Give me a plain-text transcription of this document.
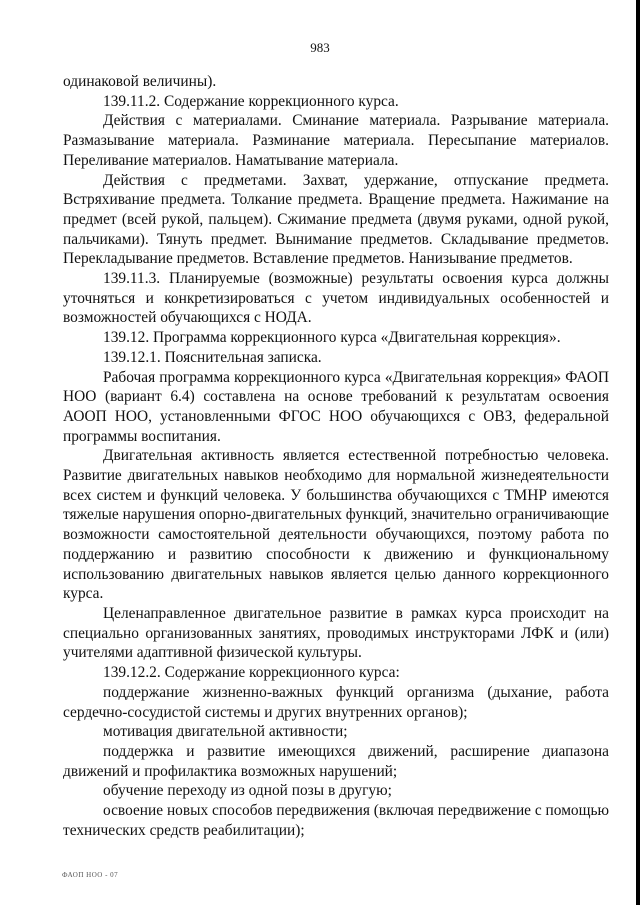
983

одинаковой величины).

139.11.2. Содержание коррекционного курса.

Действия с материалами. Сминание материала. Разрывание материала. Размазывание материала. Разминание материала. Пересыпание материалов. Переливание материалов. Наматывание материала.

Действия с предметами. Захват, удержание, отпускание предмета. Встряхивание предмета. Толкание предмета. Вращение предмета. Нажимание на предмет (всей рукой, пальцем). Сжимание предмета (двумя руками, одной рукой, пальчиками). Тянуть предмет. Вынимание предметов. Складывание предметов. Перекладывание предметов. Вставление предметов. Нанизывание предметов.

139.11.3. Планируемые (возможные) результаты освоения курса должны уточняться и конкретизироваться с учетом индивидуальных особенностей и возможностей обучающихся с НОДА.

139.12. Программа коррекционного курса «Двигательная коррекция».

139.12.1. Пояснительная записка.

Рабочая программа коррекционного курса «Двигательная коррекция» ФАОП НОО (вариант 6.4) составлена на основе требований к результатам освоения АООП НОО, установленными ФГОС НОО обучающихся с ОВЗ, федеральной программы воспитания.

Двигательная активность является естественной потребностью человека. Развитие двигательных навыков необходимо для нормальной жизнедеятельности всех систем и функций человека. У большинства обучающихся с ТМНР имеются тяжелые нарушения опорно-двигательных функций, значительно ограничивающие возможности самостоятельной деятельности обучающихся, поэтому работа по поддержанию и развитию способности к движению и функциональному использованию двигательных навыков является целью данного коррекционного курса.

Целенаправленное двигательное развитие в рамках курса происходит на специально организованных занятиях, проводимых инструкторами ЛФК и (или) учителями адаптивной физической культуры.

139.12.2. Содержание коррекционного курса:

поддержание жизненно-важных функций организма (дыхание, работа сердечно-сосудистой системы и других внутренних органов);

мотивация двигательной активности;

поддержка и развитие имеющихся движений, расширение диапазона движений и профилактика возможных нарушений;

обучение переходу из одной позы в другую;

освоение новых способов передвижения (включая передвижение с помощью технических средств реабилитации);

ФАОП НОО - 07
